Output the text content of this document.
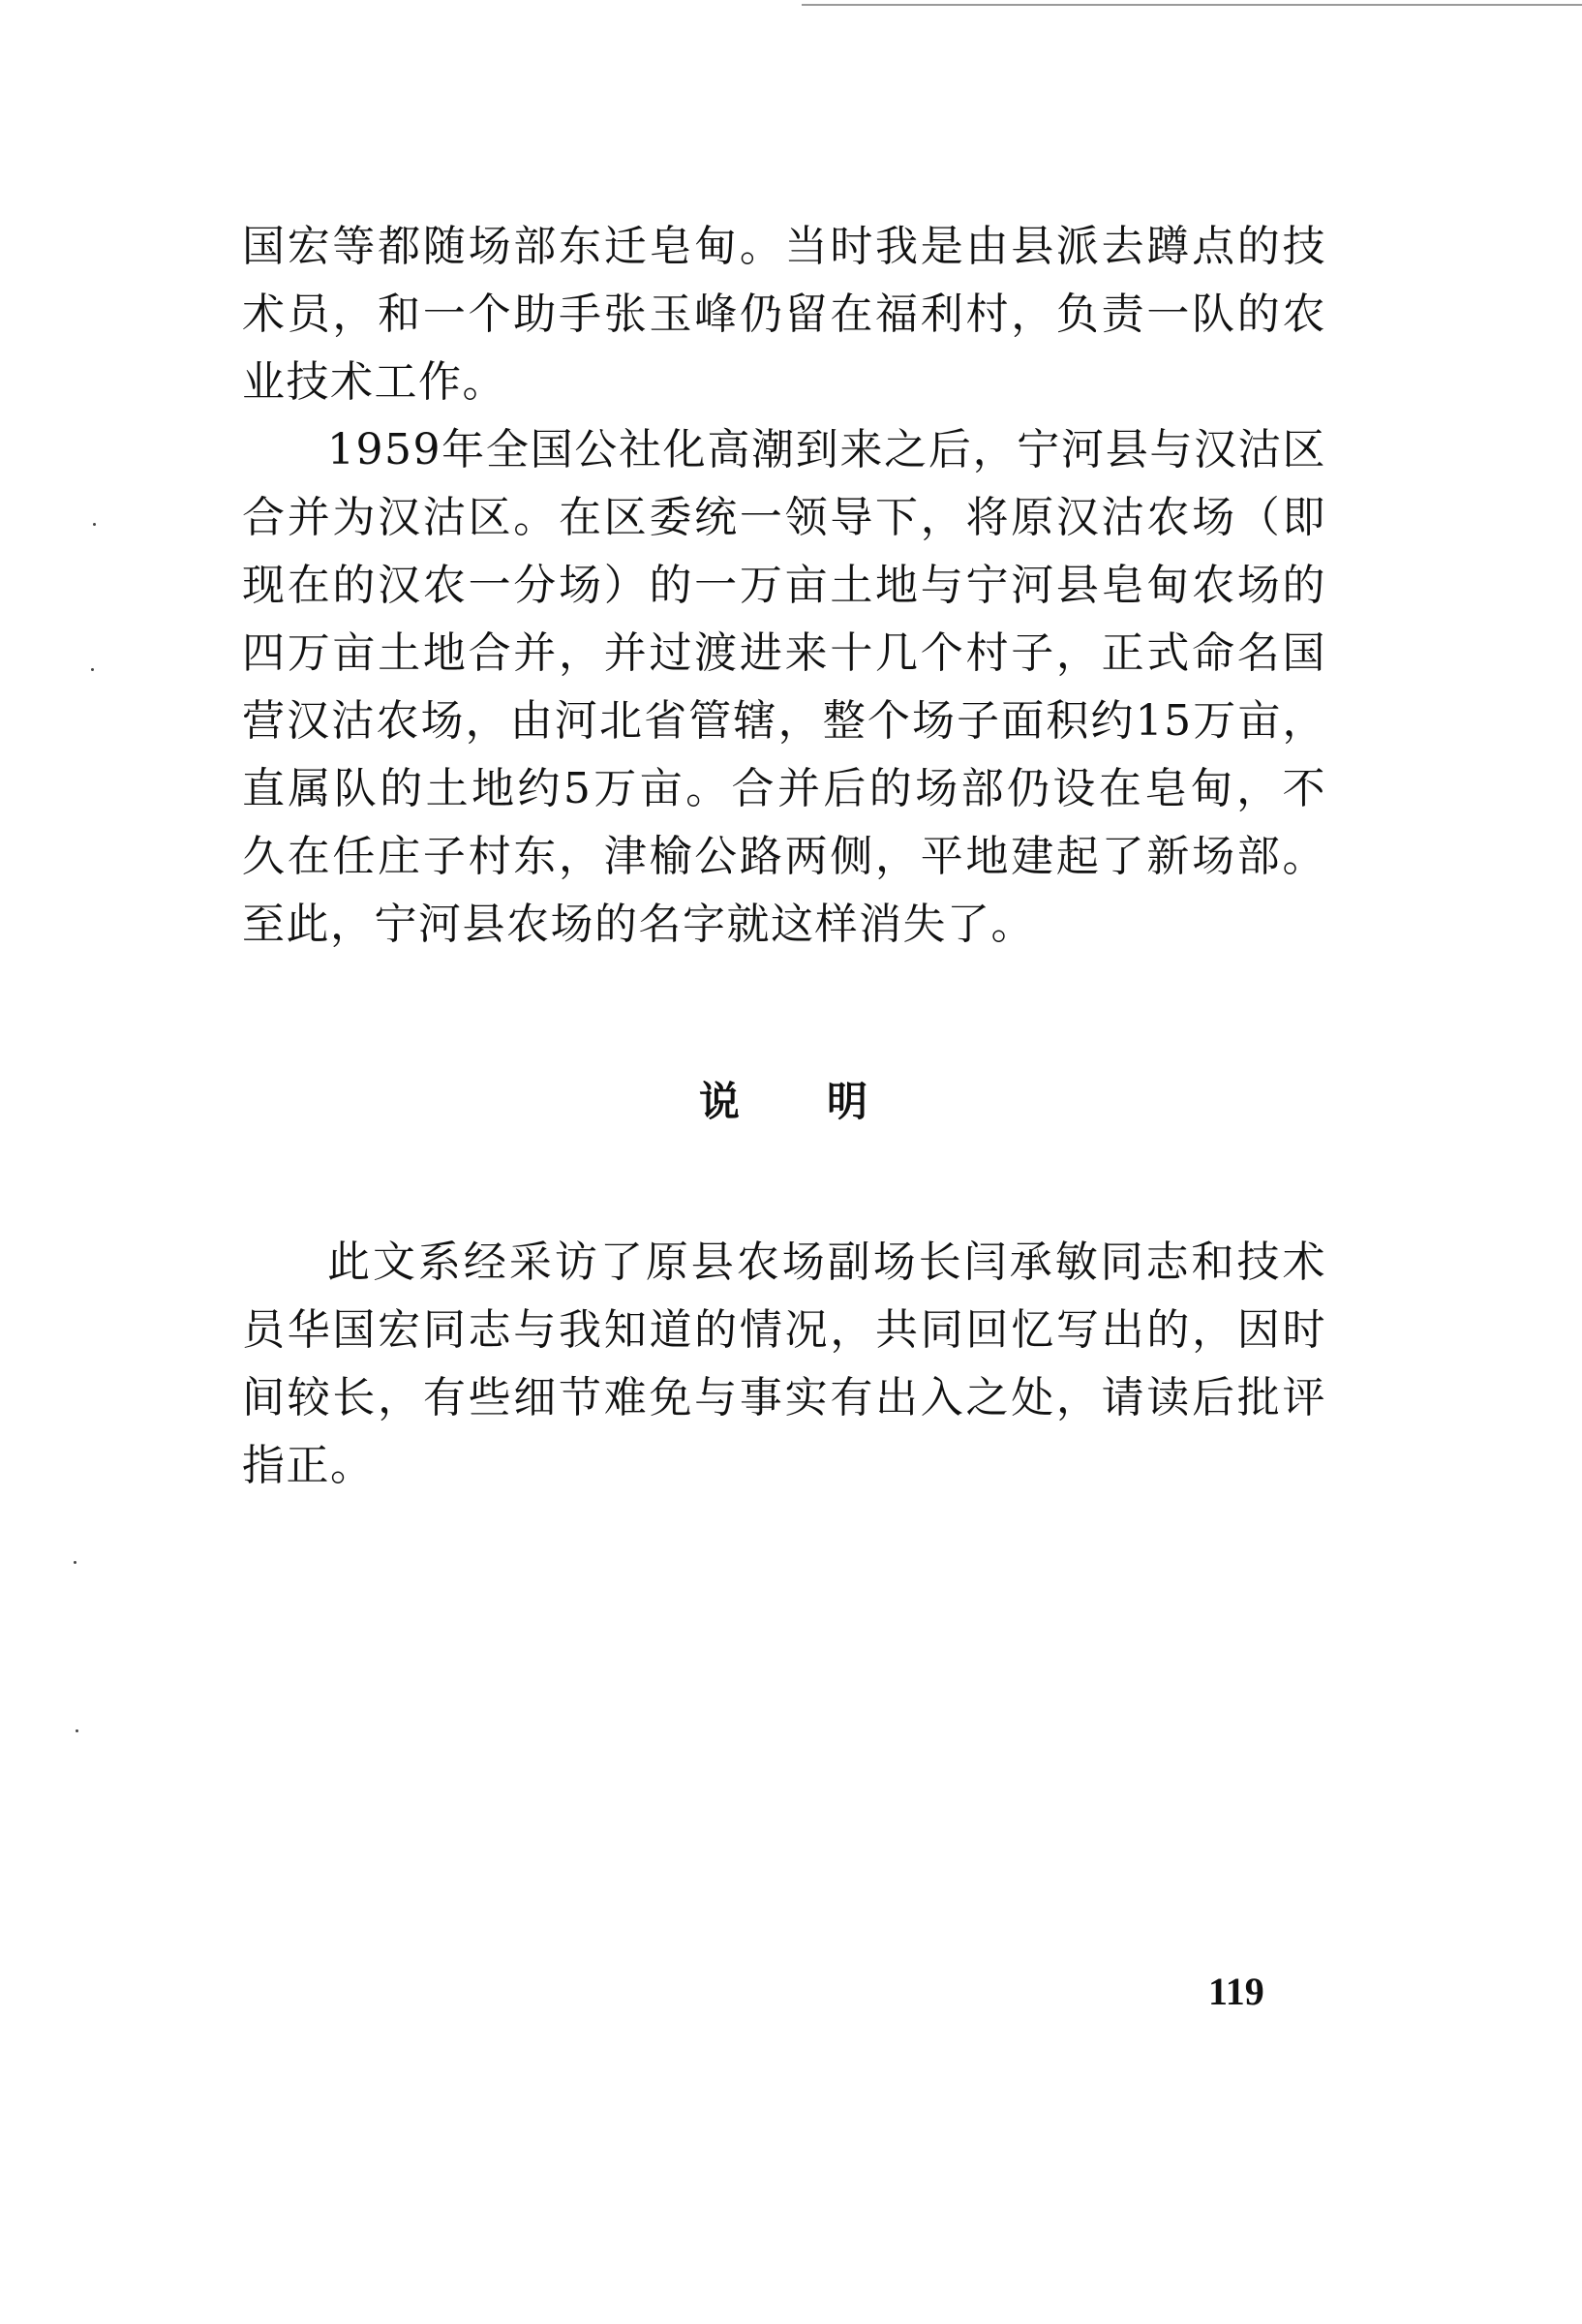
国宏等都随场部东迁皂甸。当时我是由县派去蹲点的技术员，和一个助手张玉峰仍留在福利村，负责一队的农业技术工作。

1959年全国公社化高潮到来之后，宁河县与汉沽区合并为汉沽区。在区委统一领导下，将原汉沽农场（即现在的汉农一分场）的一万亩土地与宁河县皂甸农场的四万亩土地合并，并过渡进来十几个村子，正式命名国营汉沽农场，由河北省管辖，整个场子面积约15万亩，直属队的土地约5万亩。合并后的场部仍设在皂甸，不久在任庄子村东，津榆公路两侧，平地建起了新场部。至此，宁河县农场的名字就这样消失了。

说 明

此文系经采访了原县农场副场长闫承敏同志和技术员华国宏同志与我知道的情况，共同回忆写出的，因时间较长，有些细节难免与事实有出入之处，请读后批评指正。

119
